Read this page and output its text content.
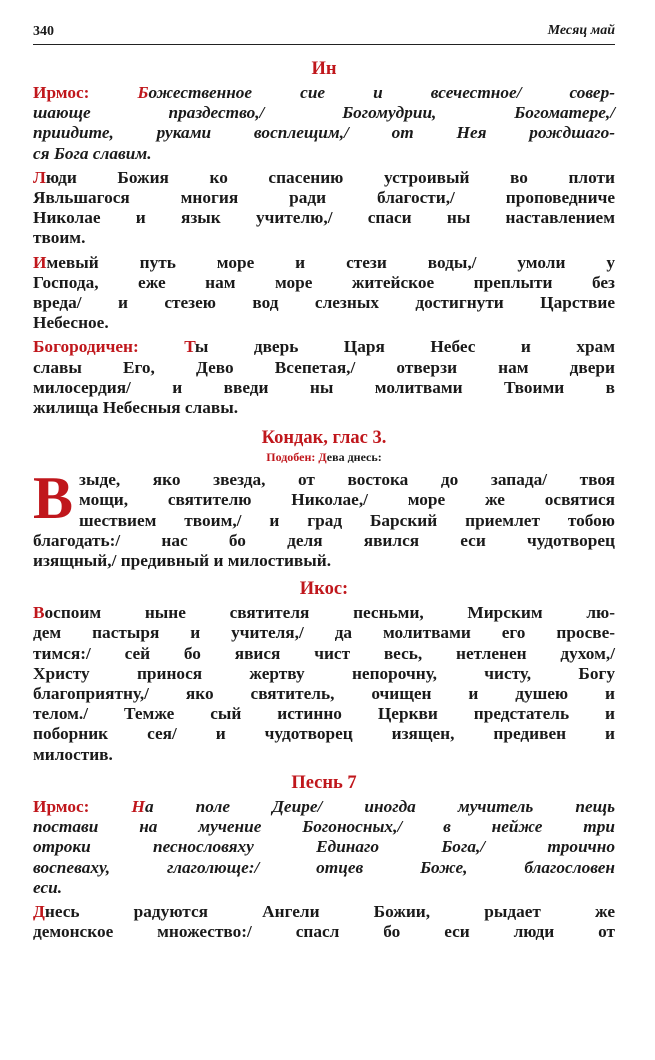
340	Месяц май
Ин
Ирмос: Божественное сие и всечестное/ совер-
шающе праздество,/ Богомудрии, Богоматере,/
приидите, руками восплещим,/ от Нея рождшаго-
ся Бога славим.
Люди Божия ко спасению устроивый во плоти
Явльшагося многия ради благости,/ проповедниче
Николае и язык учителю,/ спаси ны наставлением
твоим.
Имевый путь море и стези воды,/ умоли у
Господа, еже нам море житейское преплыти без
вреда/ и стезею вод слезных достигнути Царствие
Небесное.
Богородичен: Ты дверь Царя Небес и храм
славы Его, Дево Всепетая,/ отверзи нам двери
милосердия/ и введи ны молитвами Твоими в
жилища Небесныя славы.
Кондак, глас 3.
Подобен: Дева днесь:
В зыде, яко звезда, от востока до запада/ твоя
мощи, святителю Николае,/ море же освятися
шествием твоим,/ и град Барский приемлет тобою
благодать:/ нас бо деля явился еси чудотворец
изящный,/ предивный и милостивый.
Икос:
Воспоим ныне святителя песньми, Мирским лю-
дем пастыря и учителя,/ да молитвами его просве-
тимся:/ сей бо явися чист весь, нетленен духом,/
Христу принося жертву непорочну, чисту, Богу
благоприятну,/ яко святитель, очищен и душею и
телом./ Темже сый истинно Церкви предстатель и
поборник сея/ и чудотворец изящен, предивен и
милостив.
Песнь 7
Ирмос: На поле Деире/ иногда мучитель пещь
постави на мучение Богоносных,/ в нейже три
отроки песнословяху Единаго Бога,/ троично
воспеваху, глаголюще:/ отцев Боже, благословен
еси.
Днесь радуются Ангели Божии, рыдает же
демонское множество:/ спасл бо еси люди от
